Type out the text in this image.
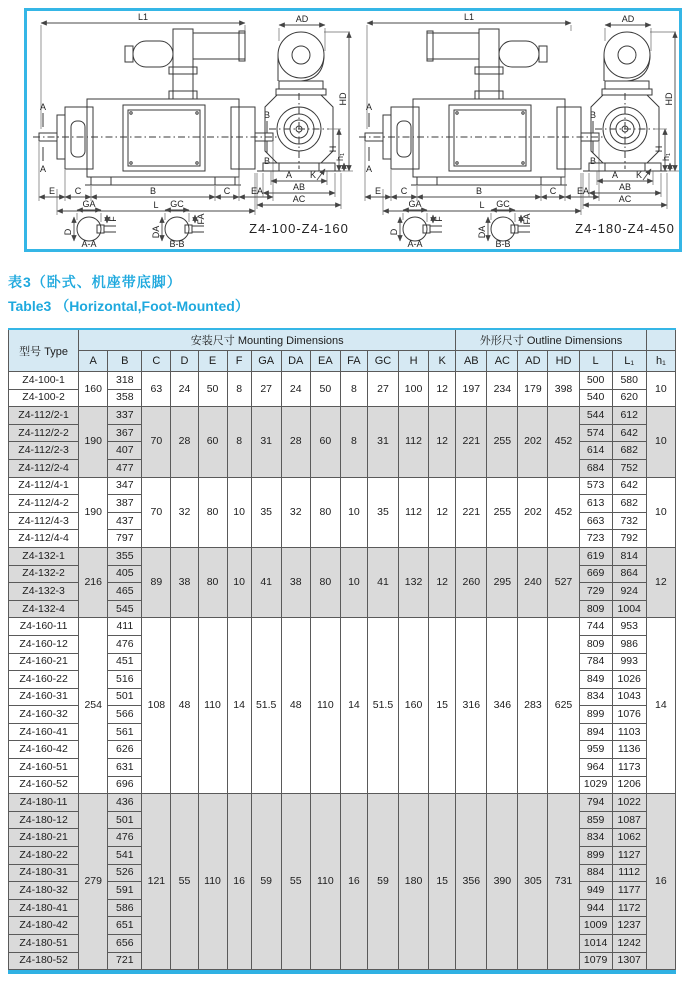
L1
A
A
B
B
E C	B	C EA
L
GA	GC
D	DA
F	FA
A-A	B-B
AD
HD
H
h₁
A K
AB
AC
Z4-100-Z4-160
L1
A
A
B
B
E C	B	C EA
L
GA	GC
D	DA
F	FA
A-A	B-B
AD
HD
H
h₁
A K
AB
AC
Z4-180-Z4-450
表3（卧式、机座带底脚）
Table3 （Horizontal,Foot-Mounted）
型号 Type	安装尺寸 Mounting Dimensions													外形尺寸 Outline Dimensions						
	A	B	C	D	E	F	GA	DA	EA	FA	GC	H	K	AB	AC	AD	HD	L	L₁	h₁
Z4-100-1	160	318	63	24	50	8	27	24	50	8	27	100	12	197	234	179	398	500	580	10
Z4-100-2		358																540	620	
Z4-112/2-1	190	337	70	28	60	8	31	28	60	8	31	112	12	221	255	202	452	544	612	10
Z4-112/2-2		367																574	642	
Z4-112/2-3		407																614	682	
Z4-112/2-4		477																684	752	
Z4-112/4-1	190	347	70	32	80	10	35	32	80	10	35	112	12	221	255	202	452	573	642	10
Z4-112/4-2		387																613	682	
Z4-112/4-3		437																663	732	
Z4-112/4-4		797																723	792	
Z4-132-1	216	355	89	38	80	10	41	38	80	10	41	132	12	260	295	240	527	619	814	12
Z4-132-2		405																669	864	
Z4-132-3		465																729	924	
Z4-132-4		545																809	1004	
Z4-160-11	254	411	108	48	110	14	51.5	48	110	14	51.5	160	15	316	346	283	625	744	953	14
Z4-160-12		476																809	986	
Z4-160-21		451																784	993	
Z4-160-22		516																849	1026	
Z4-160-31		501																834	1043	
Z4-160-32		566																899	1076	
Z4-160-41		561																894	1103	
Z4-160-42		626																959	1136	
Z4-160-51		631																964	1173	
Z4-160-52		696																1029	1206	
Z4-180-11	279	436	121	55	110	16	59	55	110	16	59	180	15	356	390	305	731	794	1022	16
Z4-180-12		501																859	1087	
Z4-180-21		476																834	1062	
Z4-180-22		541																899	1127	
Z4-180-31		526																884	1112	
Z4-180-32		591																949	1177	
Z4-180-41		586																944	1172	
Z4-180-42		651																1009	1237	
Z4-180-51		656																1014	1242	
Z4-180-52		721																1079	1307	
